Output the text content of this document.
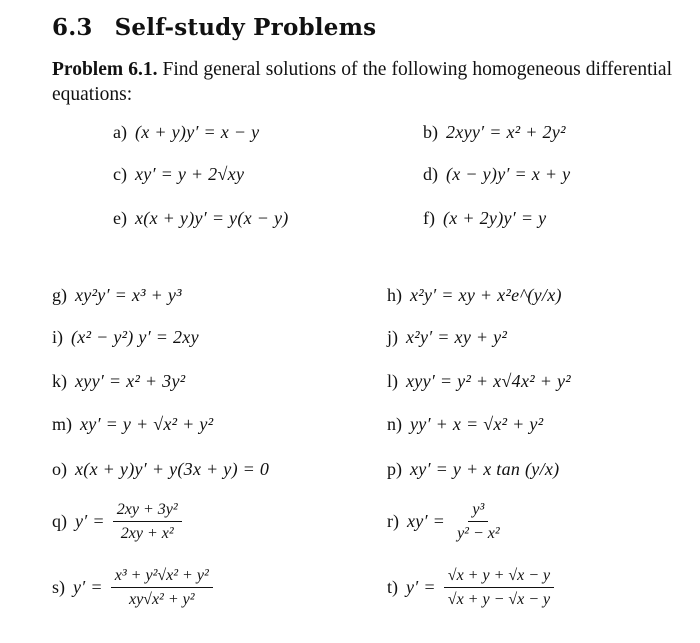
6.3 Self-study Problems

Problem 6.1. Find general solutions of the following homogeneous differential equations:

a) (x + y)y′ = x − y	b) 2xyy′ = x² + 2y²
c) xy′ = y + 2√xy	d) (x − y)y′ = x + y
e) x(x + y)y′ = y(x − y)	f) (x + 2y)y′ = y
g) xy²y′ = x³ + y³	h) x²y′ = xy + x²e^(y/x)
i) (x² − y²) y′ = 2xy	j) x²y′ = xy + y²
k) xyy′ = x² + 3y²	l) xyy′ = y² + x√4x² + y²
m) xy′ = y + √x² + y²	n) yy′ + x = √x² + y²
o) x(x + y)y′ + y(3x + y) = 0	p) xy′ = y + x tan (y/x)
q) $y' = \frac{\text{2xy + 3y²}}{\text{2xy + x²}}$	r) $xy' = \frac{\text{y³}}{\text{y² − x²}}$
s) $y' = \frac{\text{x³ + y²√x² + y²}}{\text{xy√x² + y²}}$	t) $y' = \frac{√x + y + √x - y}{√x + y - √x - y}$
